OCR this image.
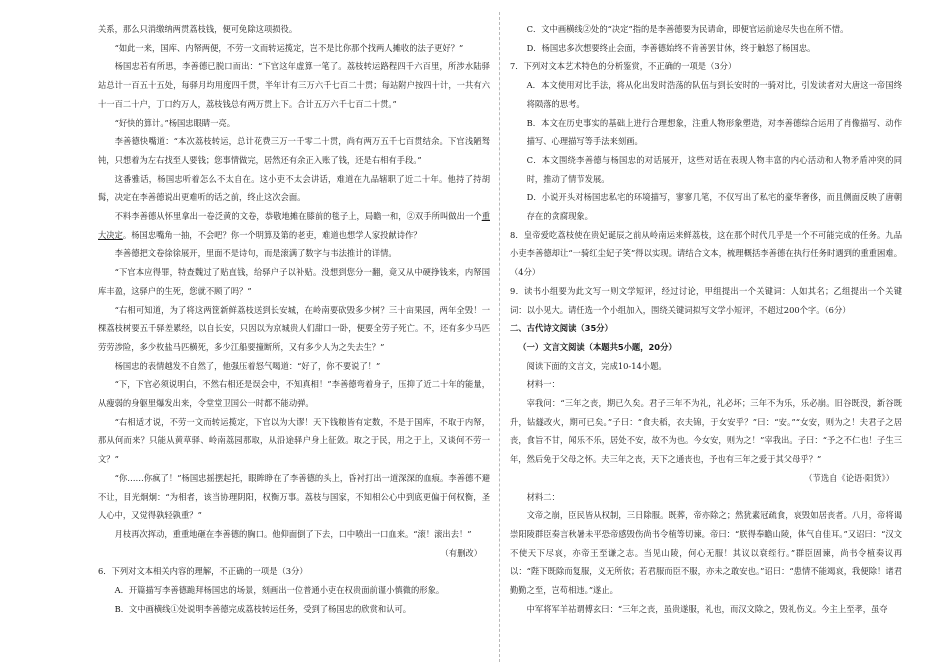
关系，那么只消缴纳两贯荔枝钱，便可免除这项损役。

“如此一来，国库、内帑两便，不劳一文而转运揽定，岂不是比你那个找两人摊收的法子更好？”

杨国忠若有所思，李善德已脱口而出：“下官这年虚算一笔了。荔枝转运路程四千六百里，所涉水陆驿站总计一百五十五处，每驿月均用度四千贯，半年计有三万六千七百二十贯；每站附户按四十计，一共有六十一百二十户，丁口约万人，荔枝钱总有两万贯上下。合计五万六千七百二十贯。”

“好快的算计。”杨国忠眼睛一亮。

李善德快嘴道：“本次荔枝转运，总计花费三万一千零二十贯，尚有两万五千七百贯结余。下官浅陋驽钝，只想着为左右找至人要钱；您事情做完，居然还有余正入账了钱，还是右相有手段。”

这番雅话，杨国忠听着怎么不太自在。这小吏不太会讲话，难道在九品辖职了近二十年。他持了持胡髯，决定在李善德说出更难听的话之前，终止这次会面。

不料李善德从怀里拿出一卷泛黄的文卷，恭敬地摊在膝前的毯子上，局瞻一和，②双手所叫做出一个重大决定。杨国忠嘴角一抽，不会吧？你一个明算及第的老吏，难道也想学人家投献诗作？

李善德把文卷徐徐展开，里面不是诗句，而是滚满了数字与韦法推计的详情。

“下官本应得罪，特查魏过了贴直钱，给驿户子以补贴。没想到您分一翻，竟又从中硬挣钱来，内帑国库丰盈，这驿户的生死，您就不顾了吗？”

“右相可知道，为了将这两筐新鲜荔枝送到长安城，在岭南要砍毁多少树？三十亩果园，两年全毁！一棵荔枝树要五千驿差累经，以自长安，只因以为京城贵人们甜口一卧，便要全劳子死亡。不，还有多少马匹劳劳涉险，多少枚盐马匹横死，多少江船要撞断所，又有多少人为之失去生？”

杨国忠的表情越发不自然了，他强压着怒气喝道：“好了，你不要说了！”

“下，下官必须说明白，不然右相还是误会中，不知真相！”李善德弯着身子，压抑了近二十年的能量，从瘦弱的身躯里爆发出来，令堂堂卫国公一时都不能动弹。

“右相适才说，不劳一文而转运揽定，下官以为大谬！天下钱粮皆有定数，不是于国库，不取于内帑，那从何而来？只能从黄草驿、岭南荔园那取，从沿途驿户身上征敛。取之于民，用之于上，又谈何不劳一文？”

“你……你疯了！”杨国忠摇摆起托，眼眸睁在了李善德的头上，昏衬打出一道深深的血痕。李善德不避不让，目光炯炯：“为相者，该当协理阴阳，权衡万事。荔枝与国家，不知相公心中到底更偏于何权衡，圣人心中，又觉得孰轻孰重？”

月枝再次挥动，重重地砸在李善德的胸口。他仰面倒了下去，口中喷出一口血来。“滚！滚出去！”

（有删改）

6．下列对文本相关内容的理解，不正确的一项是（3分）

A．开篇描写李善德跪拜杨国忠的场景，刻画出一位普通小吏在权贵面前谨小慎微的形象。

B．文中画横线①处说明李善德完成荔枝转运任务，受到了杨国忠的欣赏和认可。

C．文中画横线②处的“决定”指的是李善德要为民请命，即便官运前途尽失也在所不惜。

D．杨国忠多次想要终止会面，李善德始终不肯善罢甘休，终于触怒了杨国忠。

7．下列对文本艺术特色的分析鉴赏，不正确的一项是（3分）

A．本文使用对比手法，将从化出发时浩荡的队伍与到长安时的一骑对比，引发读者对大唐这一帝国终将陨落的思考。

B．本文在历史事实的基础上进行合理想象，注重人物形象塑造，对李善德综合运用了肖像描写、动作描写、心理描写等手法来刻画。

C．本文围绕李善德与杨国忠的对话展开，这些对话在表现人物丰富的内心活动和人物矛盾冲突的同时，推动了情节发展。

D．小说开头对杨国忠私宅的环境描写，寥寥几笔，不仅写出了私宅的豪华奢侈，而且侧面反映了唐朝存在的贪腐现象。

8．皇帝爱吃荔枝使在贵妃诞辰之前从岭南运来鲜荔枝，这在那个时代几乎是一个不可能完成的任务。九品小吏李善德却让“一骑红尘妃子笑”得以实现。请结合文本，梳理概括李善德在执行任务时遇到的重重困难。（4分）

9．读书小组要为此文写一则文学短评，经过讨论，甲组提出一个关键词：人如其名；乙组提出一个关键词：以小见大。请任选一个小组加入，围绕关键词拟写文学小短评，不超过200个字。（6分）

二、古代诗文阅读（35分）

（一）文言文阅读（本题共5小题，20分）

阅读下面的文言文，完成10-14小题。

材料一：

宰我问：“三年之丧，期已久矣。君子三年不为礼，礼必坏；三年不为乐，乐必崩。旧谷既没，新谷既升，钻燧改火，期可已矣。”子曰：“食夫稻，衣夫锦，于女安乎？”曰：“安。”“女安，则为之！夫君子之居丧，食旨不甘，闻乐不乐，居处不安，故不为也。今女安，则为之！”宰我出。子曰：“予之不仁也！子生三年，然后免于父母之怀。夫三年之丧，天下之通丧也，予也有三年之爱于其父母乎？”

（节选自《论语·阳货》）

材料二：

文帝之崩，臣民皆从权制，三日除服。既葬，帝亦除之；然犹素冠疏食，哀毁如居丧者。八月，帝将谒崇阳陵群臣奏言秋暑未平恐帝感毁伤尚书令植等切谏。帝曰：“朕得奉瞻山陵，体气自佳耳。”又诏曰：“汉文不使天下尽哀，亦帝王至谦之志。当见山陵，何心无服！其议以衰绖行。”群臣固谏，尚书令植奏议再以：“陛下既除而复服，义无所依；若君服而臣不服，亦未之敢安也。”诏曰：“患情不能竭哀，我便除！诸君勤勤之至，岂苟相违。”遂止。

中军将军羊祜谓傅玄曰：“三年之丧，虽贵遂服，礼也，而汉文除之，毁礼伤义。今主上至孝，虽夺
